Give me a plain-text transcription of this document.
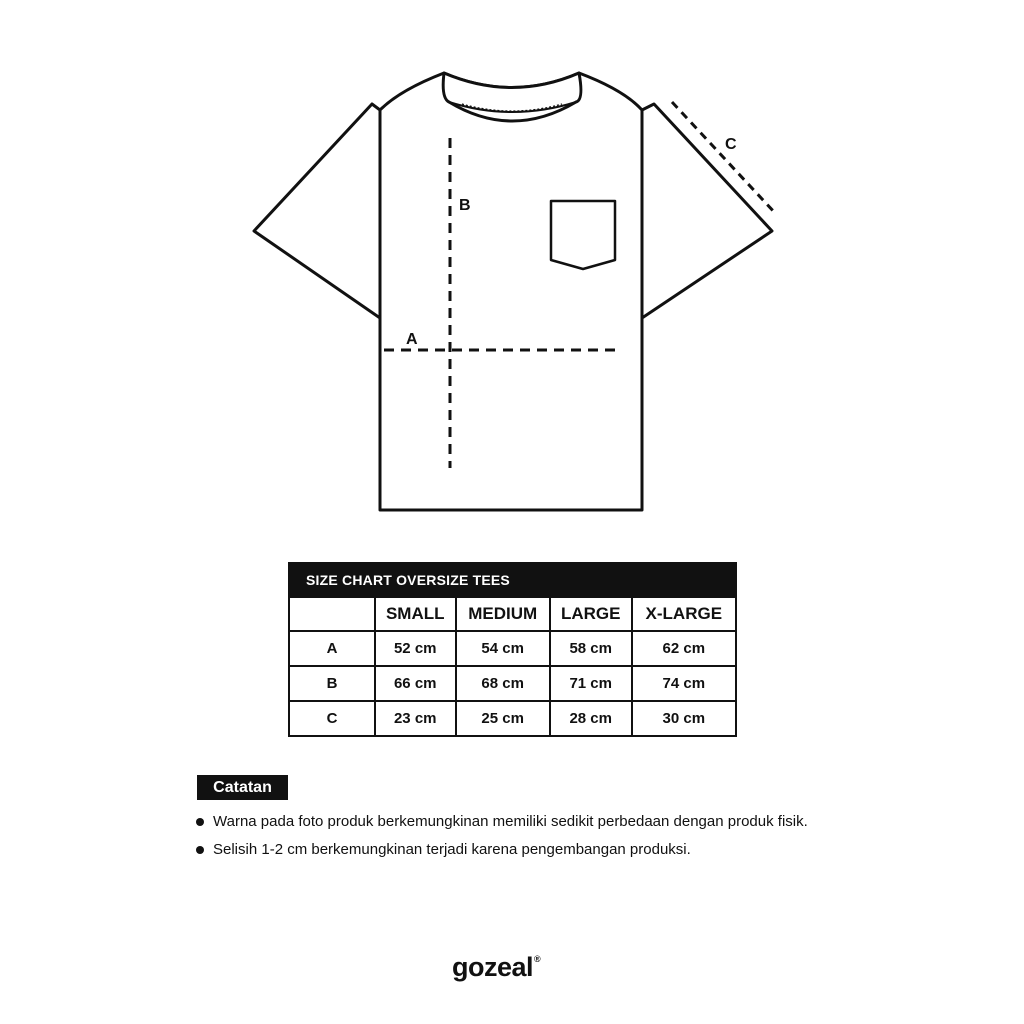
A
B
C
SIZE CHART OVERSIZE TEES				
	SMALL	MEDIUM	LARGE	X-LARGE
A	52 cm	54 cm	58 cm	62 cm
B	66 cm	68 cm	71 cm	74 cm
C	23 cm	25 cm	28 cm	30 cm
Catatan
Warna pada foto produk berkemungkinan memiliki sedikit perbedaan dengan produk fisik.
Selisih 1-2 cm berkemungkinan terjadi karena pengembangan produksi.
gozeal®
